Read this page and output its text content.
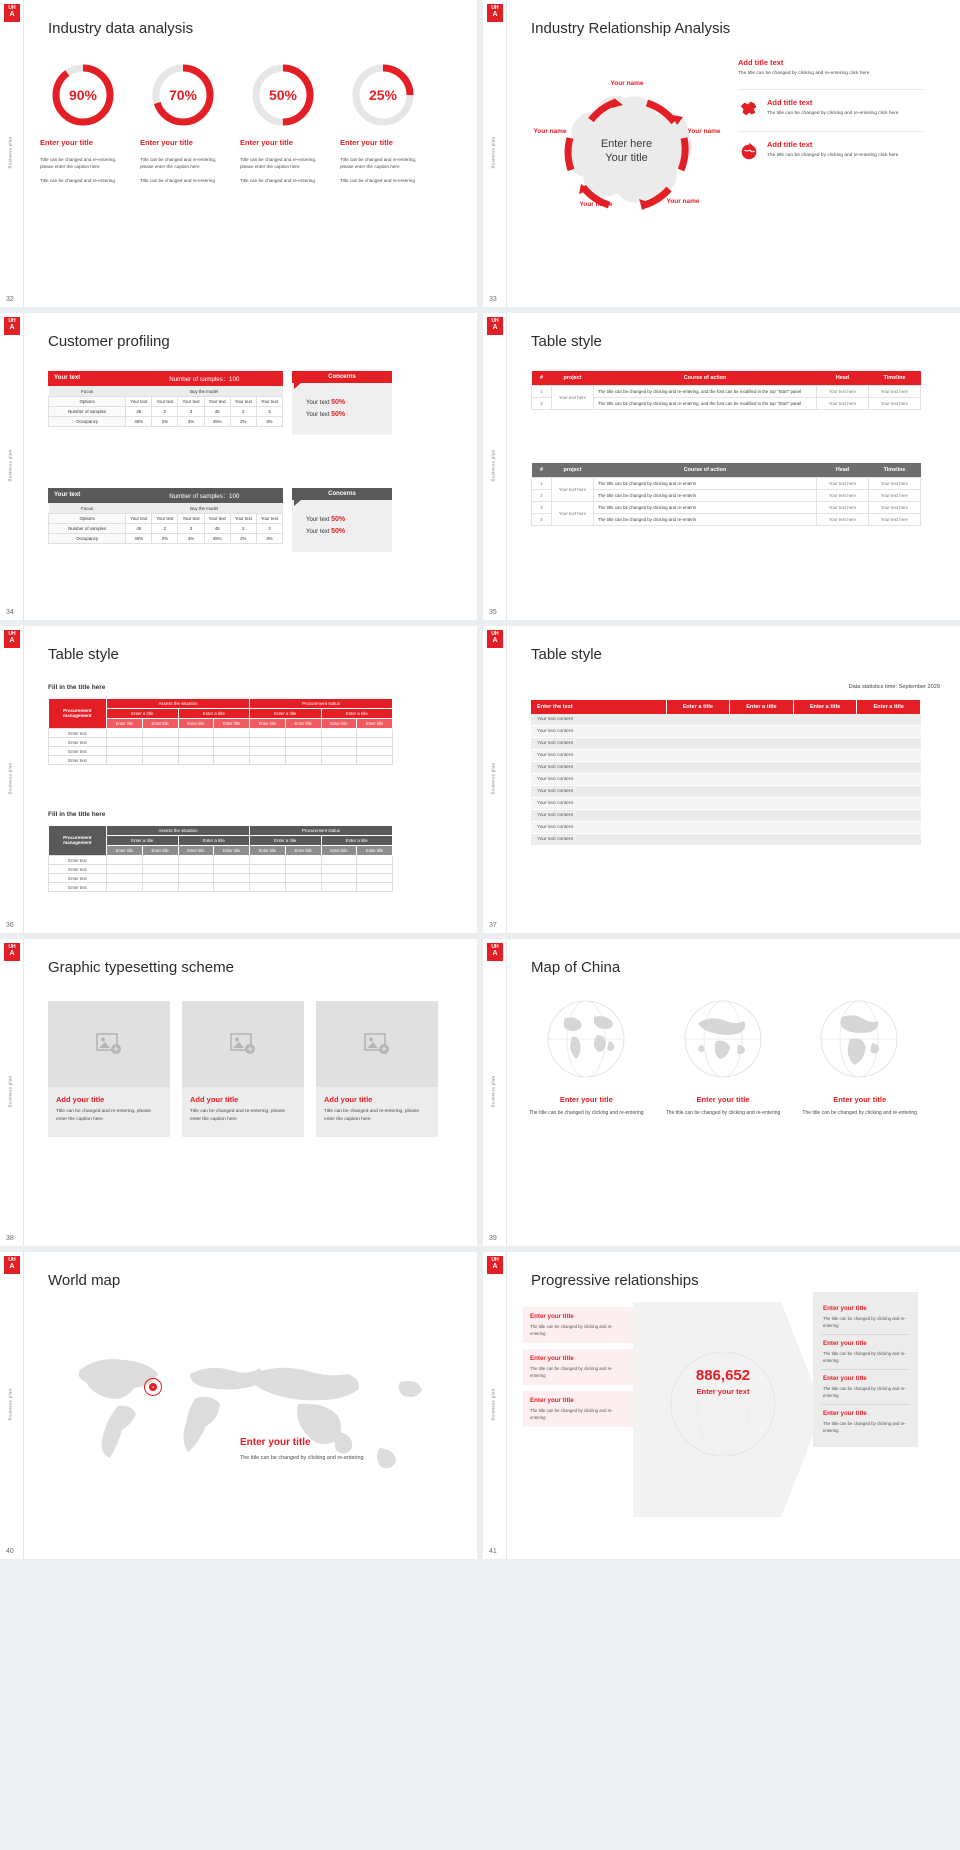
Business plan
UH
A
Industry data analysis
90%
Enter your title
Title can be changed and re-entering, please enter the caption here
Title can be changed and re-entering
70%
Enter your title
Title can be changed and re-entering, please enter the caption here
Title can be changed and re-entering
50%
Enter your title
Title can be changed and re-entering, please enter the caption here
Title can be changed and re-entering
25%
Enter your title
Title can be changed and re-entering, please enter the caption here
Title can be changed and re-entering
32
Business plan
UH
A
Industry Relationship Analysis
Your name
Your name
Your name
Your name
Your name
Enter here
Your title
Add title text
The title can be changed by clicking and re-entering click here
Add title text
The title can be changed by clicking and re-entering click here
Add title text
The title can be changed by clicking and re-entering click here
33
Business plan
UH
A
Customer profiling
Your text	Number of samples：100
Focus	Buy the model					
Options	Your text	Your text	Your text	Your text	Your text	Your text
Number of samples	45	2	3	45	2	3
Occupancy	45%	2%	3%	45%	2%	3%
Your text	Number of samples：100
Focus	Buy the model					
Options	Your text	Your text	Your text	Your text	Your text	Your text
Number of samples	45	2	3	45	2	3
Occupancy	45%	2%	3%	45%	2%	3%
Concerns
Your text 50%
Your text 50%
Concerns
Your text 50%
Your text 50%
34
Business plan
UH
A
Table style
#	project	Course of action	Head	Timeline
1	Your text here	The title can be changed by clicking and re-entering, and the font can be modified in the top "Start" panel	Your text here	Your text here
2		The title can be changed by clicking and re-entering, and the font can be modified in the top "Start" panel	Your text here	Your text here
#	project	Course of action	Head	Timeline
1	Your text here	The title can be changed by clicking and re-enterin	Your text here	Your text here
2		The title can be changed by clicking and re-enterin	Your text here	Your text here
3	Your text here	The title can be changed by clicking and re-enterin	Your text here	Your text here
4		The title can be changed by clicking and re-enterin	Your text here	Your text here
35
Business plan
UH
A
Table style
Fill in the title here
Procurement management	Assess the situation				Procurement status			
	Enter a title		Enter a title		Enter a title		Enter a title	
	Enter title	Enter title	Enter title	Enter title	Enter title	Enter title	Enter title	Enter title
Enter text								
Enter text								
Enter text								
Enter text								
Fill in the title here
Procurement management	Assess the situation				Procurement status			
	Enter a title		Enter a title		Enter a title		Enter a title	
	Enter title	Enter title	Enter title	Enter title	Enter title	Enter title	Enter title	Enter title
Enter text								
Enter text								
Enter text								
Enter text								
36
Business plan
UH
A
Table style
Data statistics time: September 2029
Enter the text	Enter a title	Enter a title	Enter a title	Enter a title
Your text content				
Your text content				
Your text content				
Your text content				
Your text content				
Your text content				
Your text content				
Your text content				
Your text content				
Your text content				
Your text content				
37
Business plan
UH
A
Graphic typesetting scheme
Add your title

Title can be changed and re-entering, please enter the caption here

Add your title

Title can be changed and re-entering, please enter the caption here

Add your title

Title can be changed and re-entering, please enter the caption here

38
Business plan
UH
A
Map of China
Enter your title

The title can be changed by clicking and re-entering

Enter your title

The title can be changed by clicking and re-entering

Enter your title

The title can be changed by clicking and re-entering

39
Business plan
UH
A
World map
●
Enter your title

The title can be changed by clicking and re-entering

40
Business plan
UH
A
Progressive relationships
Enter your title

The title can be changed by clicking and re-entering

Enter your title

The title can be changed by clicking and re-entering

Enter your title

The title can be changed by clicking and re-entering

886,652
Enter your text
Enter your title

The title can be changed by clicking and re-entering

Enter your title

The title can be changed by clicking and re-entering

Enter your title

The title can be changed by clicking and re-entering

Enter your title

The title can be changed by clicking and re-entering

41
